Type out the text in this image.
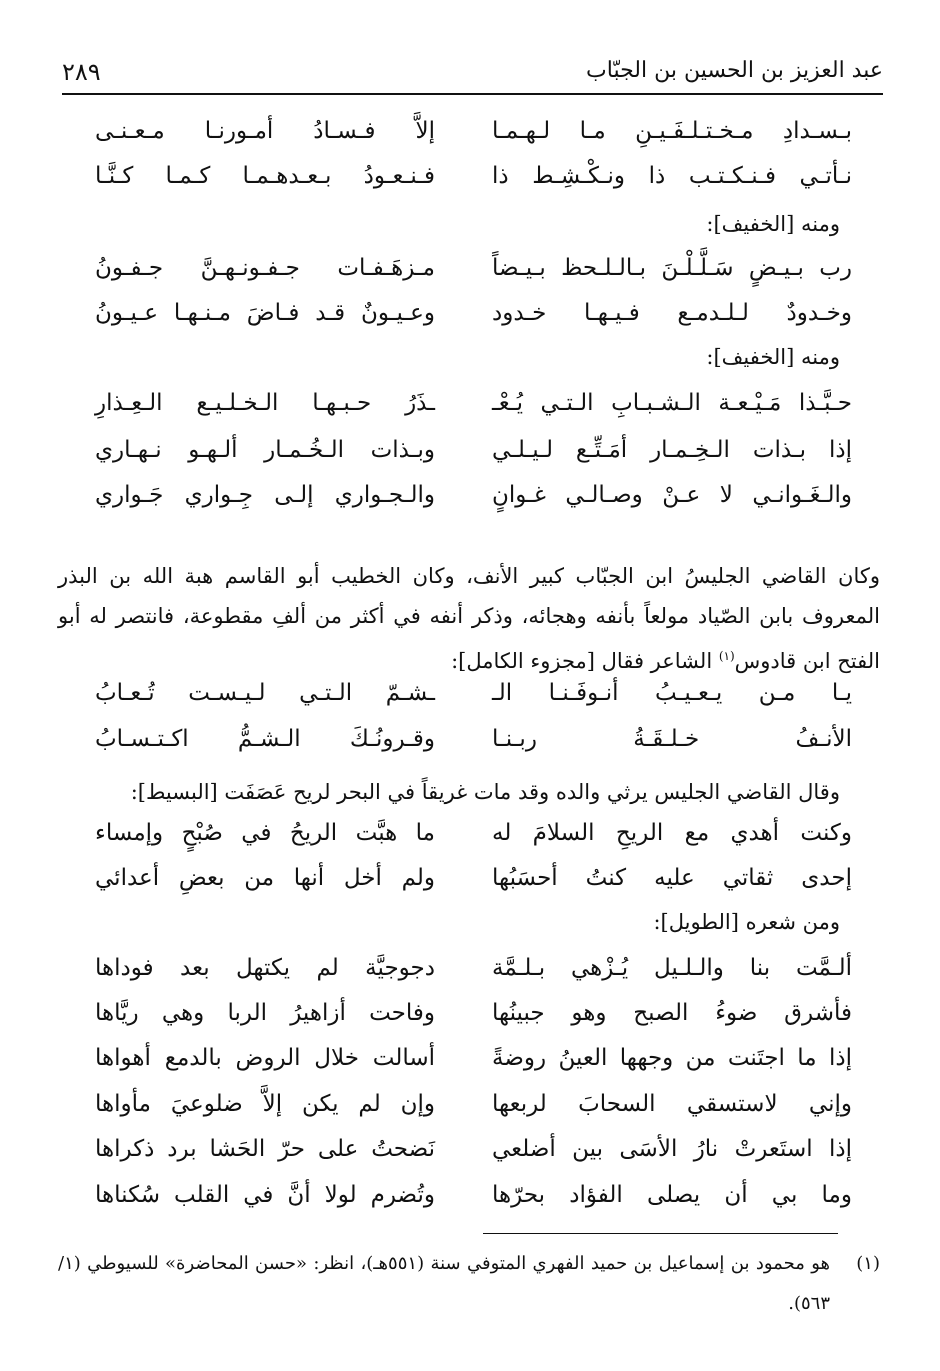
عبد العزيز بن الحسين بن الجبّاب
٢٨٩
بـسـدادِ مـخـتـلـفَـيـنِ مـا لـهـمـا
إلاَّ فـسـادُ أمـورنـا مـعـنـى
نـأتـي فـنـكـتـب ذا ونـكْـشِـط ذا
فـنـعـودُ بـعـدهـمـا كـمـا كـنَّـا
ومنه [الخفيف]:
رب بـيـضٍ سَـلَّـلْـنَ بـالـلـحظ بـيـضاً
مـزهَـفـات جـفـونـهـنَّ جـفـونُ
وخـدودٌ لـلـدمـع فـيـهـا خـدود
وعـيـونٌ قـد فـاضَ مـنـهـا عـيـونُ
ومنه [الخفيف]:
حـبَّـذا مَـيْـعـة الـشـبـابِ الـتـي يُـعْـ
ـذَرُ حـبـهـا الـخـلـيـع الـعِـذارِ
إذا بـذات الـخِـمـار أمَـتِّـع لـيـلـي
وبـذات الـخُـمـار ألـهـو نـهـاري
والـغَـوانـي لا عـنْ وصـالـي غـوانٍ
والـجـواري إلـى جِـواري جَـواري

وكان القاضي الجليسُ ابن الجبّاب كبير الأنف، وكان الخطيب أبو القاسم هبة الله بن البذر المعروف بابن الصّياد مولعاً بأنفه وهجائه، وذكر أنفه في أكثر من ألفِ مقطوعة، فانتصر له أبو الفتح ابن قادوس$^{(١)}$ الشاعر فقال [مجزوء الكامل]:

يـا مـن يـعـيـبُ أنـوفَـنـا الـ
ـشـمّ الـتـي لـيـسـت تُـعـابُ
الأنـفُ خـلـقَـةُ ربـنـا
وقـرونُـكَ الـشـمُّ اكـتـسـابُ

وقال القاضي الجليس يرثي والده وقد مات غريقاً في البحر لريح عَصَفَت [البسيط]:

وكنت أهدي مع الريحِ السلامَ له
ما هبَّت الريحُ في صُبْحٍ وإمساء
إحدى ثقاتي عليه كنتُ أحسَبُها
ولم أخل أنها من بعضِ أعدائي
ومن شعره [الطويل]:
ألـمَّت بنا والـلـيل يُـزْهي بـلـمَّة
دجوجيَّة لم يكتهل بعد فوداها
فأشرق ضوءُ الصبح وهو جبينُها
وفاحت أزاهيرُ الربا وهي ريَّاها
إذا ما اجتَنت من وجهها العينُ روضةً
أسالت خلال الروض بالدمع أهواها
وإني لاستسقي السحابَ لربعها
وإن لم يكن إلاَّ ضلوعيَ مأواها
إذا استَعرتْ نارُ الأسَى بين أضلعي
نَضحتُ على حرّ الحَشا برد ذكراها
وما بي أن يصلى الفؤاد بحرّها
وتُضرم لولا أنَّ في القلب سُكناها
(١)
هو محمود بن إسماعيل بن حميد الفهري المتوفي سنة (٥٥١هـ)، انظر: «حسن المحاضرة» للسيوطي (١/ ٥٦٣).
